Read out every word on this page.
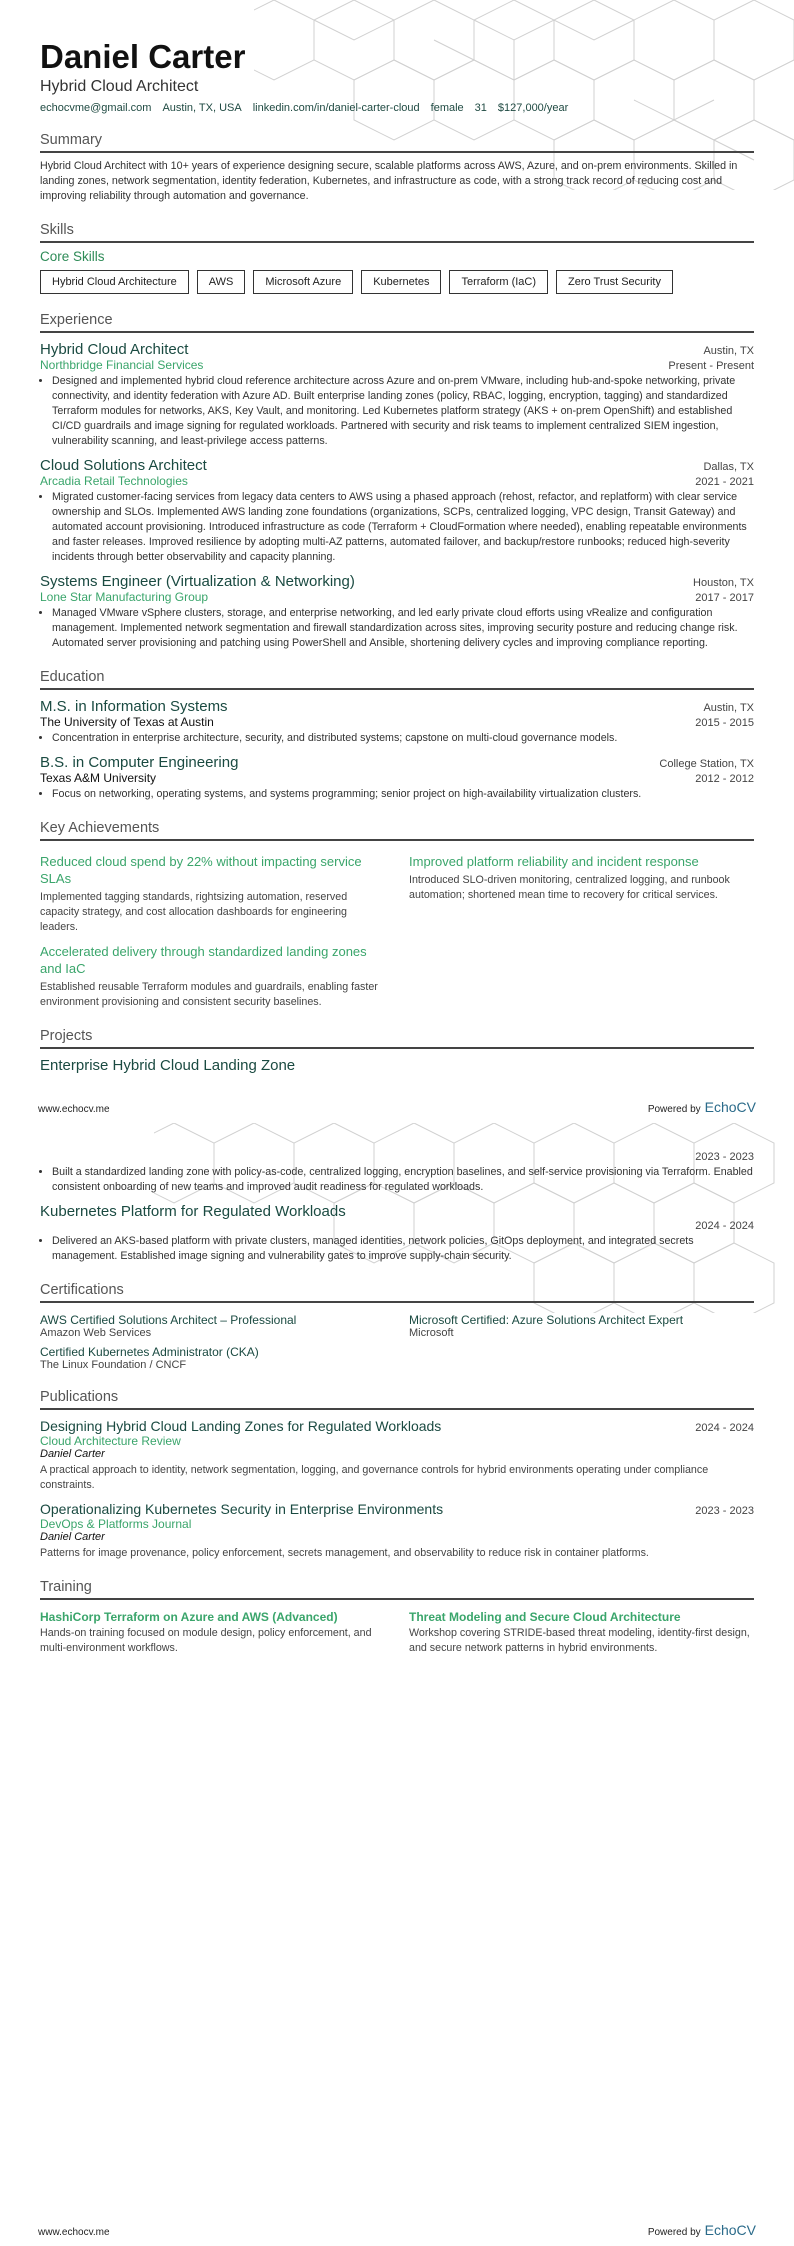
Daniel Carter
Hybrid Cloud Architect
echocvme@gmail.com Austin, TX, USA linkedin.com/in/daniel-carter-cloud female 31 $127,000/year
Summary
Hybrid Cloud Architect with 10+ years of experience designing secure, scalable platforms across AWS, Azure, and on-prem environments. Skilled in landing zones, network segmentation, identity federation, Kubernetes, and infrastructure as code, with a strong track record of reducing cost and improving reliability through automation and governance.
Skills
Core Skills
Hybrid Cloud Architecture	AWS	Microsoft Azure	Kubernetes	Terraform (IaC)	Zero Trust Security
Experience
Hybrid Cloud Architect	Austin, TX
Northbridge Financial Services	Present - Present
• Designed and implemented hybrid cloud reference architecture across Azure and on-prem VMware, including hub-and-spoke networking, private connectivity, and identity federation with Azure AD. Built enterprise landing zones (policy, RBAC, logging, encryption, tagging) and standardized Terraform modules for networks, AKS, Key Vault, and monitoring. Led Kubernetes platform strategy (AKS + on-prem OpenShift) and established CI/CD guardrails and image signing for regulated workloads. Partnered with security and risk teams to implement centralized SIEM ingestion, vulnerability scanning, and least-privilege access patterns.
Cloud Solutions Architect	Dallas, TX
Arcadia Retail Technologies	2021 - 2021
• Migrated customer-facing services from legacy data centers to AWS using a phased approach (rehost, refactor, and replatform) with clear service ownership and SLOs. Implemented AWS landing zone foundations (organizations, SCPs, centralized logging, VPC design, Transit Gateway) and automated account provisioning. Introduced infrastructure as code (Terraform + CloudFormation where needed), enabling repeatable environments and faster releases. Improved resilience by adopting multi-AZ patterns, automated failover, and backup/restore runbooks; reduced high-severity incidents through better observability and capacity planning.
Systems Engineer (Virtualization & Networking)	Houston, TX
Lone Star Manufacturing Group	2017 - 2017
• Managed VMware vSphere clusters, storage, and enterprise networking, and led early private cloud efforts using vRealize and configuration management. Implemented network segmentation and firewall standardization across sites, improving security posture and reducing change risk. Automated server provisioning and patching using PowerShell and Ansible, shortening delivery cycles and improving compliance reporting.
Education
M.S. in Information Systems	Austin, TX
The University of Texas at Austin	2015 - 2015
• Concentration in enterprise architecture, security, and distributed systems; capstone on multi-cloud governance models.
B.S. in Computer Engineering	College Station, TX
Texas A&M University	2012 - 2012
• Focus on networking, operating systems, and systems programming; senior project on high-availability virtualization clusters.
Key Achievements
Reduced cloud spend by 22% without impacting service SLAs
Implemented tagging standards, rightsizing automation, reserved capacity strategy, and cost allocation dashboards for engineering leaders.
Improved platform reliability and incident response
Introduced SLO-driven monitoring, centralized logging, and runbook automation; shortened mean time to recovery for critical services.
Accelerated delivery through standardized landing zones and IaC
Established reusable Terraform modules and guardrails, enabling faster environment provisioning and consistent security baselines.
Projects
Enterprise Hybrid Cloud Landing Zone
www.echocv.me	Powered by EchoCV
2023 - 2023
• Built a standardized landing zone with policy-as-code, centralized logging, encryption baselines, and self-service provisioning via Terraform. Enabled consistent onboarding of new teams and improved audit readiness for regulated workloads.
Kubernetes Platform for Regulated Workloads
2024 - 2024
• Delivered an AKS-based platform with private clusters, managed identities, network policies, GitOps deployment, and integrated secrets management. Established image signing and vulnerability gates to improve supply-chain security.
Certifications
AWS Certified Solutions Architect – Professional
Amazon Web Services
Microsoft Certified: Azure Solutions Architect Expert
Microsoft
Certified Kubernetes Administrator (CKA)
The Linux Foundation / CNCF
Publications
Designing Hybrid Cloud Landing Zones for Regulated Workloads	2024 - 2024
Cloud Architecture Review
Daniel Carter
A practical approach to identity, network segmentation, logging, and governance controls for hybrid environments operating under compliance constraints.
Operationalizing Kubernetes Security in Enterprise Environments	2023 - 2023
DevOps & Platforms Journal
Daniel Carter
Patterns for image provenance, policy enforcement, secrets management, and observability to reduce risk in container platforms.
Training
HashiCorp Terraform on Azure and AWS (Advanced)
Hands-on training focused on module design, policy enforcement, and multi-environment workflows.
Threat Modeling and Secure Cloud Architecture
Workshop covering STRIDE-based threat modeling, identity-first design, and secure network patterns in hybrid environments.
www.echocv.me	Powered by EchoCV
